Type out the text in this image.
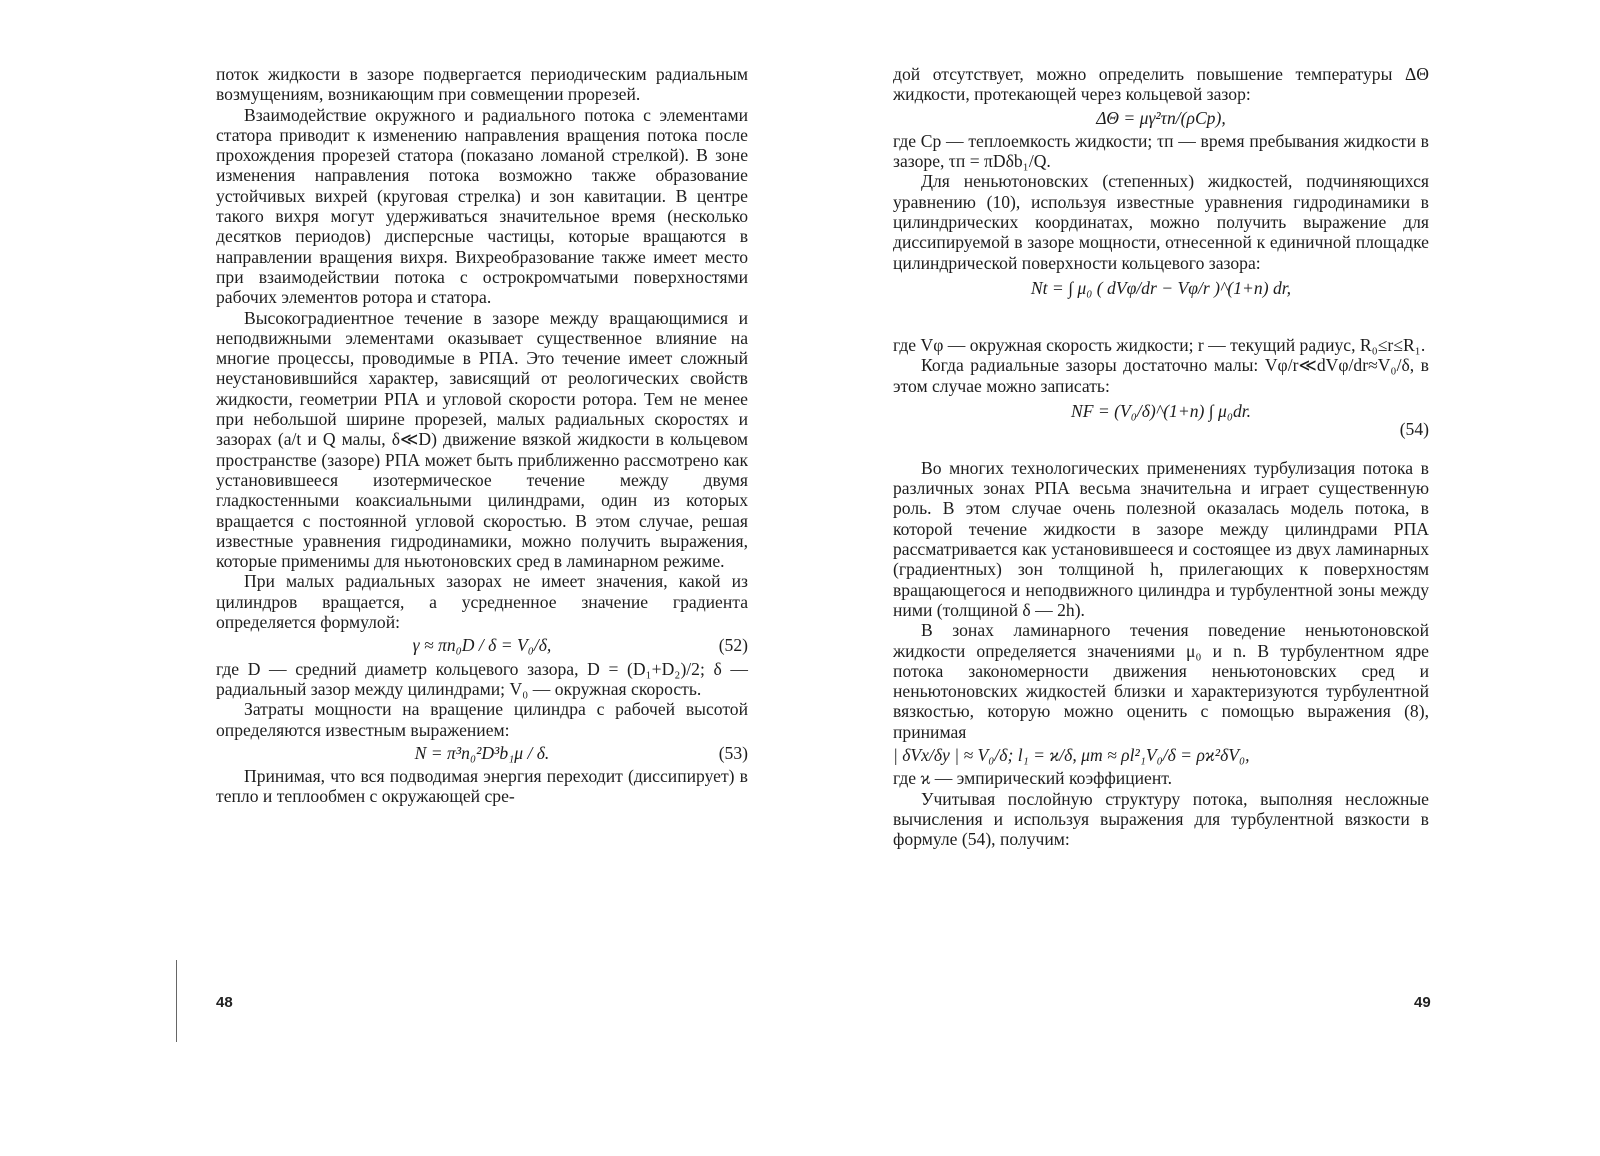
поток жидкости в зазоре подвергается периодическим радиальным возмущениям, возникающим при совмещении прорезей.

Взаимодействие окружного и радиального потока с элементами статора приводит к изменению направления вращения потока после прохождения прорезей статора (показано ломаной стрелкой). В зоне изменения направления потока возможно также образование устойчивых вихрей (круговая стрелка) и зон кавитации. В центре такого вихря могут удерживаться значительное время (несколько десятков периодов) дисперсные частицы, которые вращаются в направлении вращения вихря. Вихреобразование также имеет место при взаимодействии потока с острокромчатыми поверхностями рабочих элементов ротора и статора.

Высокоградиентное течение в зазоре между вращающимися и неподвижными элементами оказывает существенное влияние на многие процессы, проводимые в РПА. Это течение имеет сложный неустановившийся характер, зависящий от реологических свойств жидкости, геометрии РПА и угловой скорости ротора. Тем не менее при небольшой ширине прорезей, малых радиальных скоростях и зазорах (a/t и Q малы, δ≪D) движение вязкой жидкости в кольцевом пространстве (зазоре) РПА может быть приближенно рассмотрено как установившееся изотермическое течение между двумя гладкостенными коаксиальными цилиндрами, один из которых вращается с постоянной угловой скоростью. В этом случае, решая известные уравнения гидродинамики, можно получить выражения, которые применимы для ньютоновских сред в ламинарном режиме.

При малых радиальных зазорах не имеет значения, какой из цилиндров вращается, а усредненное значение градиента определяется формулой:

γ ≈ πn₀D / δ = V₀/δ,	(52)

где D — средний диаметр кольцевого зазора, D = (D₁+D₂)/2; δ — радиальный зазор между цилиндрами; V₀ — окружная скорость.

Затраты мощности на вращение цилиндра с рабочей высотой определяются известным выражением:

N = π³n₀²D³b₁μ / δ.	(53)

Принимая, что вся подводимая энергия переходит (диссипирует) в тепло и теплообмен с окружающей сре-

48

дой отсутствует, можно определить повышение температуры ΔΘ жидкости, протекающей через кольцевой зазор:

ΔΘ = μγ²τп/(ρCp),

где Cp — теплоемкость жидкости; τп — время пребывания жидкости в зазоре, τп = πDδb₁/Q.

Для неньютоновских (степенных) жидкостей, подчиняющихся уравнению (10), используя известные уравнения гидродинамики в цилиндрических координатах, можно получить выражение для диссипируемой в зазоре мощности, отнесенной к единичной площадке цилиндрической поверхности кольцевого зазора:

Nt = ∫ μ₀ ( dVφ/dr − Vφ/r )^(1+n) dr,

где Vφ — окружная скорость жидкости; r — текущий радиус, R₀≤r≤R₁.

Когда радиальные зазоры достаточно малы: Vφ/r≪dVφ/dr≈V₀/δ, в этом случае можно записать:

NF = (V₀/δ)^(1+n) ∫ μ₀dr.
(54)

Во многих технологических применениях турбулизация потока в различных зонах РПА весьма значительна и играет существенную роль. В этом случае очень полезной оказалась модель потока, в которой течение жидкости в зазоре между цилиндрами РПА рассматривается как установившееся и состоящее из двух ламинарных (градиентных) зон толщиной h, прилегающих к поверхностям вращающегося и неподвижного цилиндра и турбулентной зоны между ними (толщиной δ — 2h).

В зонах ламинарного течения поведение неньютоновской жидкости определяется значениями μ₀ и n. В турбулентном ядре потока закономерности движения неньютоновских сред и неньютоновских жидкостей близки и характеризуются турбулентной вязкостью, которую можно оценить с помощью выражения (8), принимая

| δVx/δy | ≈ V₀/δ; l₁ = ϰ/δ, μт ≈ ρl²₁V₀/δ = ρϰ²δV₀,

где ϰ — эмпирический коэффициент.

Учитывая послойную структуру потока, выполняя несложные вычисления и используя выражения для турбулентной вязкости в формуле (54), получим:

49
